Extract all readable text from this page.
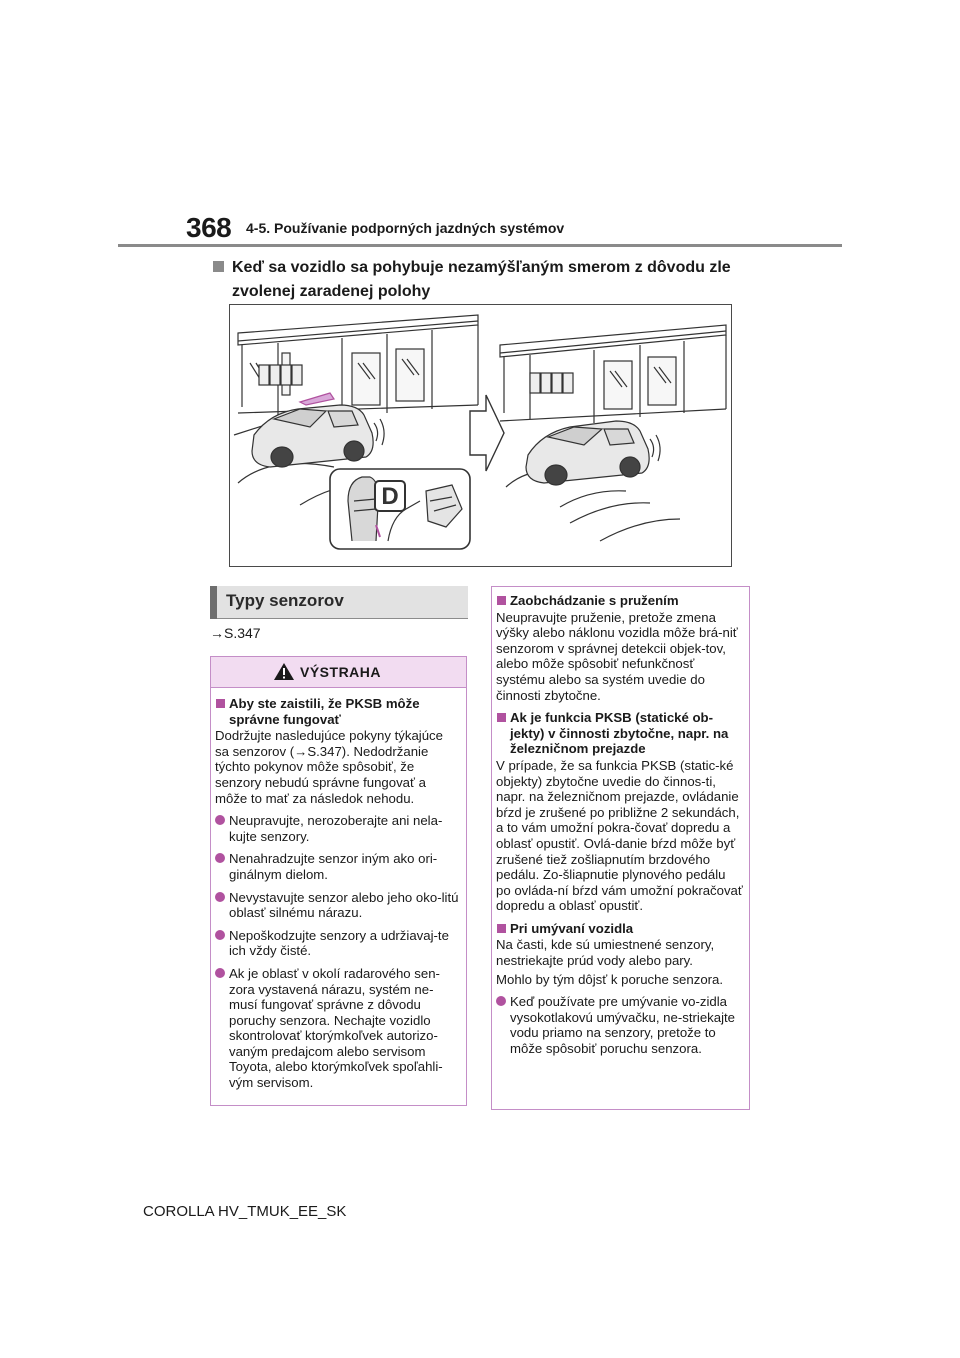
368 4-5. Používanie podporných jazdných systémov
Keď sa vozidlo sa pohybuje nezamýšľaným smerom z dôvodu zle zvolenej zaradenej polohy
D
Typy senzorov
→S.347
VÝSTRAHA
Aby ste zaistili, že PKSB môže správne fungovať
Dodržujte nasledujúce pokyny týkajúce sa senzorov (→S.347). Nedodržanie týchto pokynov môže spôsobiť, že senzory nebudú správne fungovať a môže to mať za následok nehodu.
Neupravujte, nerozoberajte ani nela-kujte senzory.
Nenahradzujte senzor iným ako ori-ginálnym dielom.
Nevystavujte senzor alebo jeho oko-litú oblasť silnému nárazu.
Nepoškodzujte senzory a udržiavaj-te ich vždy čisté.
Ak je oblasť v okolí radarového sen-zora vystavená nárazu, systém ne-musí fungovať správne z dôvodu poruchy senzora. Nechajte vozidlo skontrolovať ktorýmkoľvek autorizo-vaným predajcom alebo servisom Toyota, alebo ktorýmkoľvek spoľahli-vým servisom.
Zaobchádzanie s pružením
Neupravujte pruženie, pretože zmena výšky alebo náklonu vozidla môže brá-niť senzorom v správnej detekcii objek-tov, alebo môže spôsobiť nefunkčnosť systému alebo sa systém uvedie do činnosti zbytočne.
Ak je funkcia PKSB (statické ob-jekty) v činnosti zbytočne, napr. na železničnom prejazde
V prípade, že sa funkcia PKSB (static-ké objekty) zbytočne uvedie do činnos-ti, napr. na železničnom prejazde, ovládanie bŕzd je zrušené po približne 2 sekundách, a to vám umožní pokra-čovať dopredu a oblasť opustiť. Ovlá-danie bŕzd môže byť zrušené tiež zošliapnutím brzdového pedálu. Zo-šliapnutie plynového pedálu po ovláda-ní bŕzd vám umožní pokračovať dopredu a oblasť opustiť.
Pri umývaní vozidla
Na časti, kde sú umiestnené senzory, nestriekajte prúd vody alebo pary.
Mohlo by tým dôjsť k poruche senzora.
Keď používate pre umývanie vo-zidla vysokotlakovú umývačku, ne-striekajte vodu priamo na senzory, pretože to môže spôsobiť poruchu senzora.
COROLLA HV_TMUK_EE_SK
